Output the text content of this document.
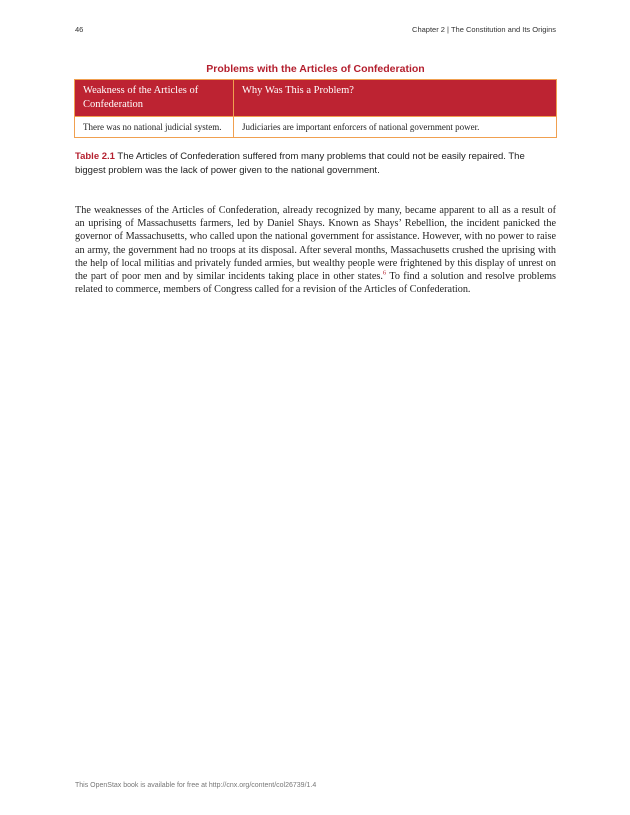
46	Chapter 2 | The Constitution and Its Origins
Problems with the Articles of Confederation
Weakness of the Articles of Confederation	Why Was This a Problem?
There was no national judicial system.	Judiciaries are important enforcers of national government power.
Table 2.1 The Articles of Confederation suffered from many problems that could not be easily repaired. The biggest problem was the lack of power given to the national government.

The weaknesses of the Articles of Confederation, already recognized by many, became apparent to all as a result of an uprising of Massachusetts farmers, led by Daniel Shays. Known as Shays’ Rebellion, the incident panicked the governor of Massachusetts, who called upon the national government for assistance. However, with no power to raise an army, the government had no troops at its disposal. After several months, Massachusetts crushed the uprising with the help of local militias and privately funded armies, but wealthy people were frightened by this display of unrest on the part of poor men and by similar incidents taking place in other states.$^6$ To find a solution and resolve problems related to commerce, members of Congress called for a revision of the Articles of Confederation.

This OpenStax book is available for free at http://cnx.org/content/col26739/1.4
